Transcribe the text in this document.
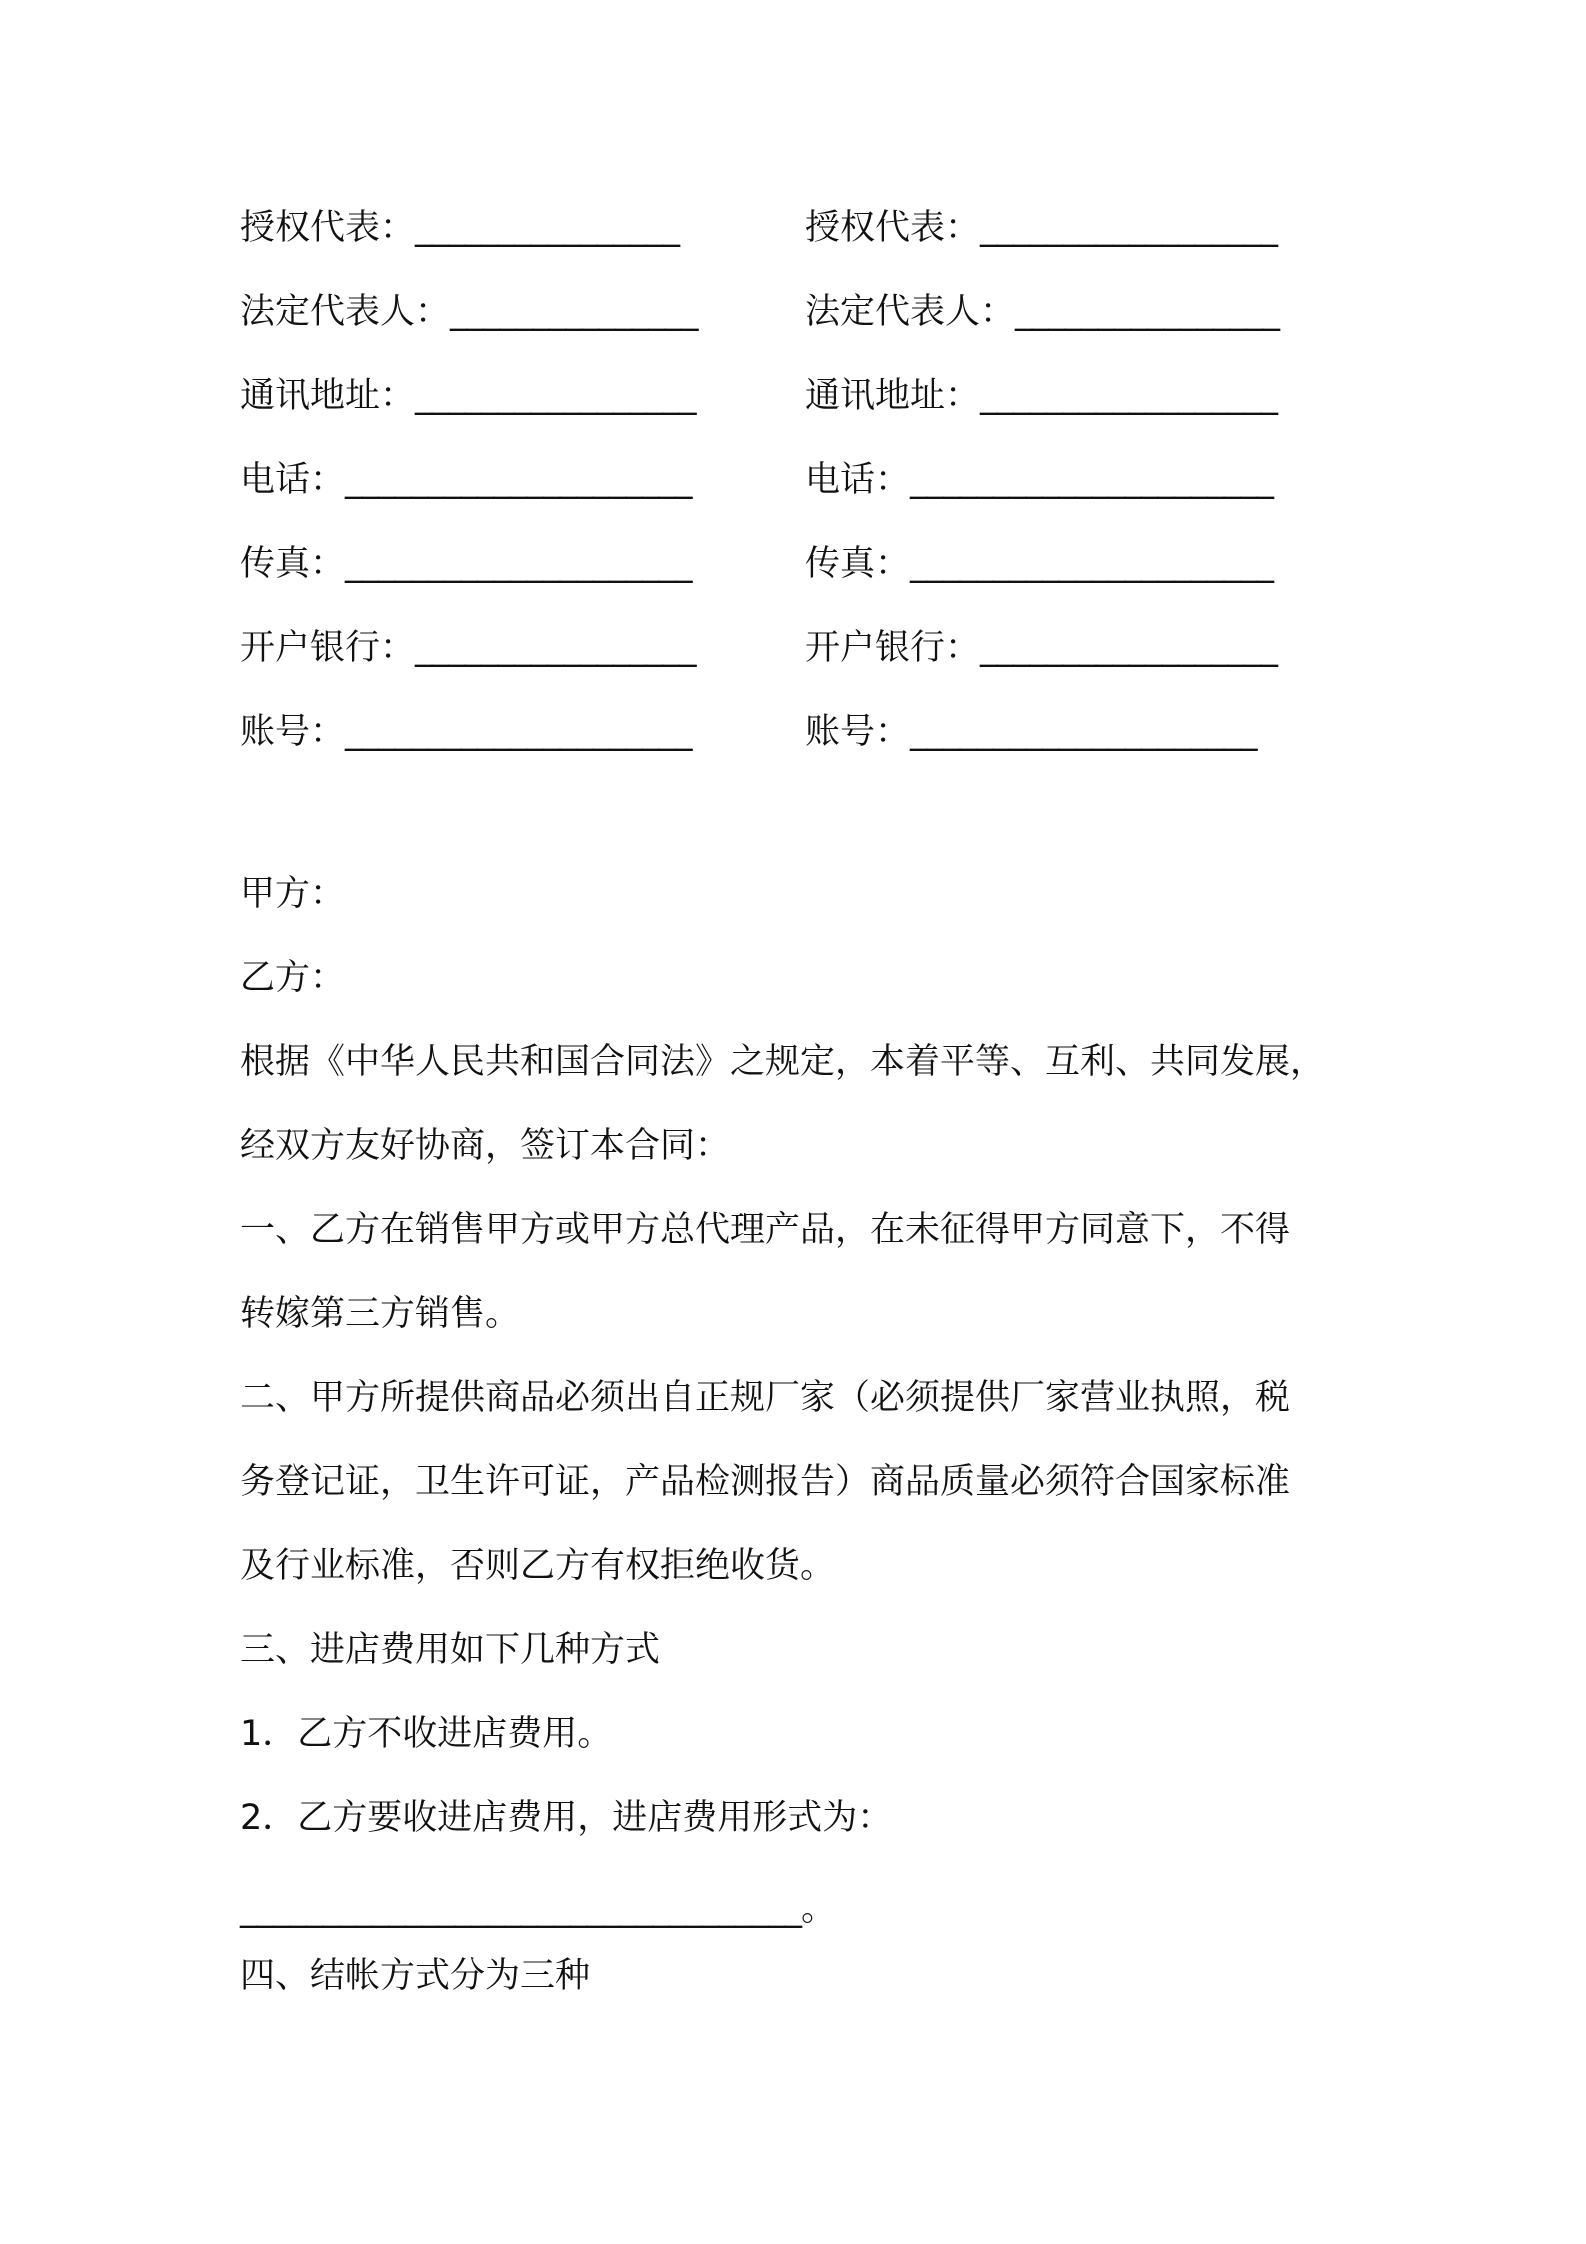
授权代表：________________	授权代表：__________________
法定代表人：_______________	法定代表人：________________
通讯地址：_________________	通讯地址：__________________
电话：_____________________	电话：______________________
传真：_____________________	传真：______________________
开户银行：_________________	开户银行：__________________
账号：_____________________	账号：_____________________
甲方：
乙方：
根据《中华人民共和国合同法》之规定，本着平等、互利、共同发展，
经双方友好协商，签订本合同：
一、乙方在销售甲方或甲方总代理产品，在未征得甲方同意下，不得
转嫁第三方销售。
二、甲方所提供商品必须出自正规厂家（必须提供厂家营业执照，税
务登记证，卫生许可证，产品检测报告）商品质量必须符合国家标准
及行业标准，否则乙方有权拒绝收货。
三、进店费用如下几种方式
1．乙方不收进店费用。
2．乙方要收进店费用，进店费用形式为：
__________________________________。
四、结帐方式分为三种
